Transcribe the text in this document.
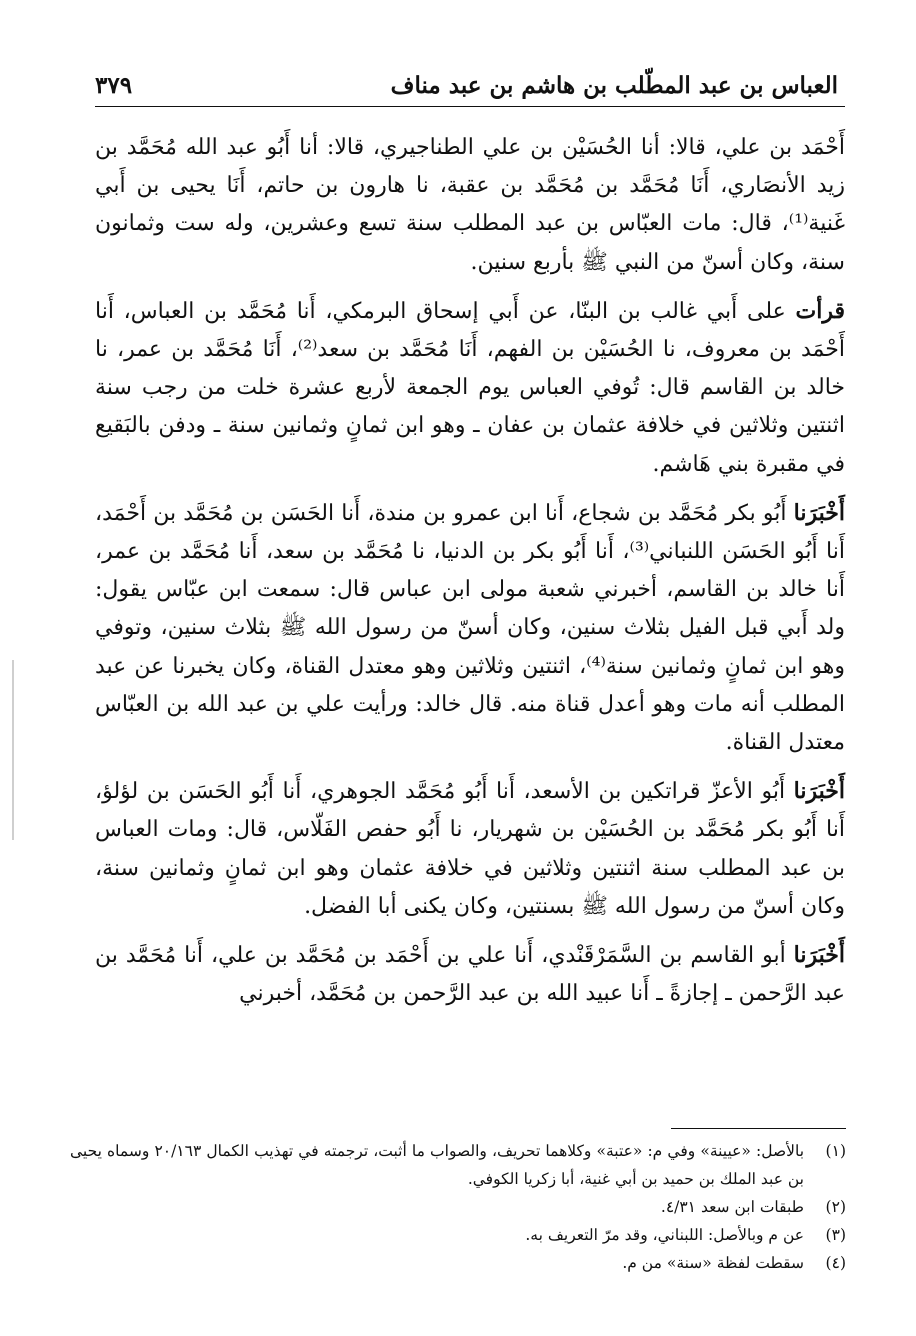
العباس بن عبد المطّلب بن هاشم بن عبد مناف
٣٧٩

أَحْمَد بن علي، قالا: أنا الحُسَيْن بن علي الطناجيري، قالا: أنا أَبُو عبد الله مُحَمَّد بن زيد الأنصَاري، أَنَا مُحَمَّد بن مُحَمَّد بن عقبة، نا هارون بن حاتم، أَنَا يحيى بن أَبي غَنية⁽¹⁾، قال: مات العبّاس بن عبد المطلب سنة تسع وعشرين، وله ست وثمانون سنة، وكان أسنّ من النبي ﷺ بأربع سنين.

قرأت على أَبي غالب بن البنّا، عن أَبي إسحاق البرمكي، أَنا مُحَمَّد بن العباس، أَنا أَحْمَد بن معروف، نا الحُسَيْن بن الفهم، أَنَا مُحَمَّد بن سعد⁽²⁾، أَنَا مُحَمَّد بن عمر، نا خالد بن القاسم قال: تُوفي العباس يوم الجمعة لأربع عشرة خلت من رجب سنة اثنتين وثلاثين في خلافة عثمان بن عفان ـ وهو ابن ثمانٍ وثمانين سنة ـ ودفن بالبَقيع في مقبرة بني هَاشم.

أَخْبَرَنا أَبُو بكر مُحَمَّد بن شجاع، أَنا ابن عمرو بن مندة، أَنا الحَسَن بن مُحَمَّد بن أَحْمَد، أَنا أَبُو الحَسَن اللنباني⁽³⁾، أَنا أَبُو بكر بن الدنيا، نا مُحَمَّد بن سعد، أَنا مُحَمَّد بن عمر، أَنا خالد بن القاسم، أخبرني شعبة مولى ابن عباس قال: سمعت ابن عبّاس يقول: ولد أَبي قبل الفيل بثلاث سنين، وكان أسنّ من رسول الله ﷺ بثلاث سنين، وتوفي وهو ابن ثمانٍ وثمانين سنة⁽⁴⁾، اثنتين وثلاثين وهو معتدل القناة، وكان يخبرنا عن عبد المطلب أنه مات وهو أعدل قناة منه. قال خالد: ورأيت علي بن عبد الله بن العبّاس معتدل القناة.

أَخْبَرَنا أَبُو الأعزّ قراتكين بن الأسعد، أَنا أَبُو مُحَمَّد الجوهري، أَنا أَبُو الحَسَن بن لؤلؤ، أَنا أَبُو بكر مُحَمَّد بن الحُسَيْن بن شهريار، نا أَبُو حفص الفَلّاس، قال: ومات العباس بن عبد المطلب سنة اثنتين وثلاثين في خلافة عثمان وهو ابن ثمانٍ وثمانين سنة، وكان أسنّ من رسول الله ﷺ بسنتين، وكان يكنى أبا الفضل.

أَخْبَرَنا أبو القاسم بن السَّمَرْقَنْدي، أَنا علي بن أَحْمَد بن مُحَمَّد بن علي، أَنا مُحَمَّد بن عبد الرَّحمن ـ إجازةً ـ أَنا عبيد الله بن عبد الرَّحمن بن مُحَمَّد، أخبرني

(١)
بالأصل: «عيينة» وفي م: «عتبة» وكلاهما تحريف، والصواب ما أثبت، ترجمته في تهذيب الكمال ٢٠/١٦٣ وسماه يحيى بن عبد الملك بن حميد بن أبي غنية، أبا زكريا الكوفي.

(٢)
طبقات ابن سعد ٤/٣١.

(٣)
عن م وبالأصل: اللبناني، وقد مرّ التعريف به.

(٤)
سقطت لفظة «سنة» من م.
